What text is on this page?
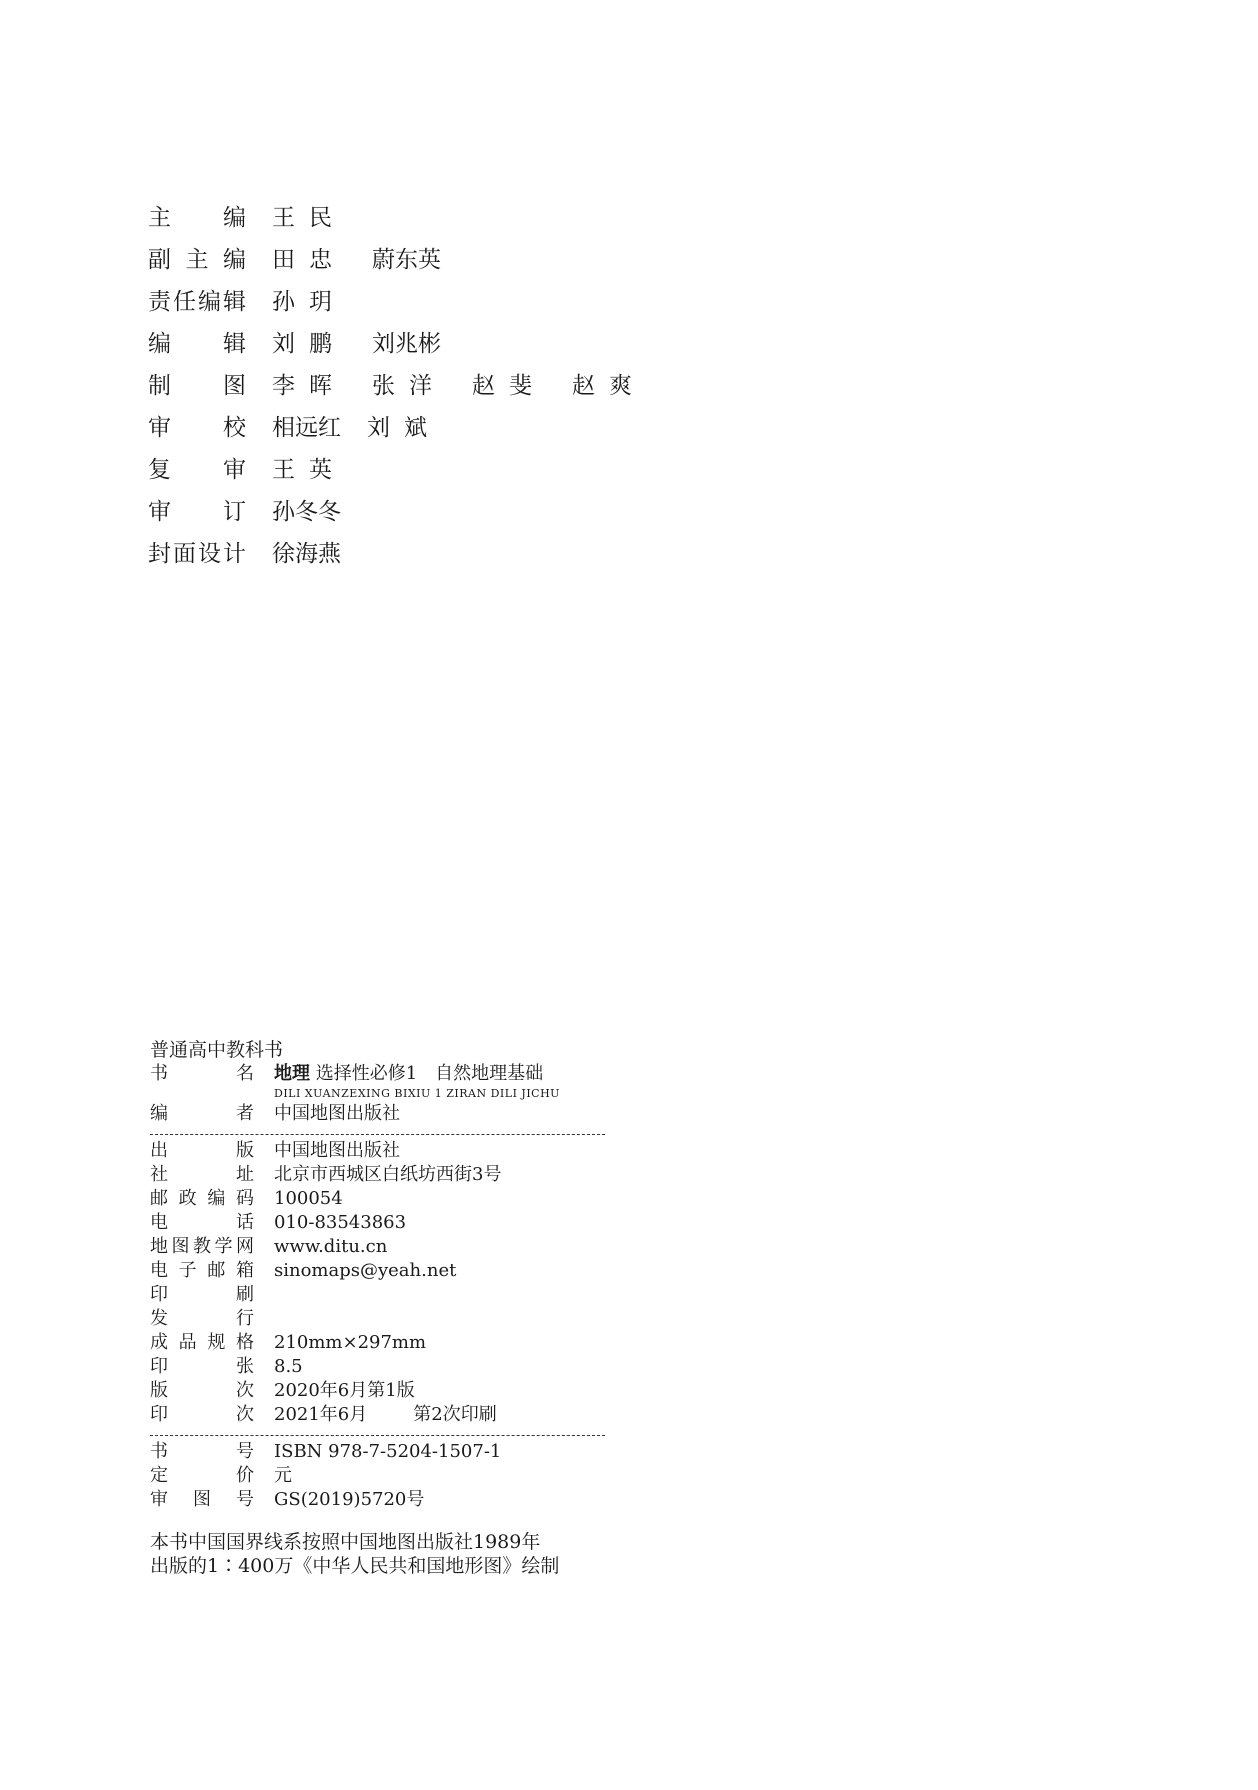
主 编 王民
副 主 编 田忠 蔚东英
责 任 编 辑 孙玥
编 辑 刘鹏 刘兆彬
制 图 李晖 张洋 赵斐 赵爽
审 校 相远红 刘斌
复 审 王英
审 订 孙冬冬
封 面 设 计 徐海燕
普通高中教科书
书	名 地理 选择性必修1　自然地理基础
DILI XUANZEXING BIXIU 1 ZIRAN DILI JICHU
编	者 中国地图出版社
出	版 中国地图出版社
社	址 北京市西城区白纸坊西街3号
邮 政 编 码 100054
电	话 010-83543863
地 图 教 学 网 www.ditu.cn
电 子 邮 箱 sinomaps@yeah.net
印	刷
发	行
成 品 规 格 210mm×297mm
印	张 8.5
版	次 2020年6月第1版
印	次 2021年6月	第2次印刷
书	号 ISBN 978-7-5204-1507-1
定	价 元
审 图 号 GS(2019)5720号
本书中国国界线系按照中国地图出版社1989年
出版的1∶400万《中华人民共和国地形图》绘制
